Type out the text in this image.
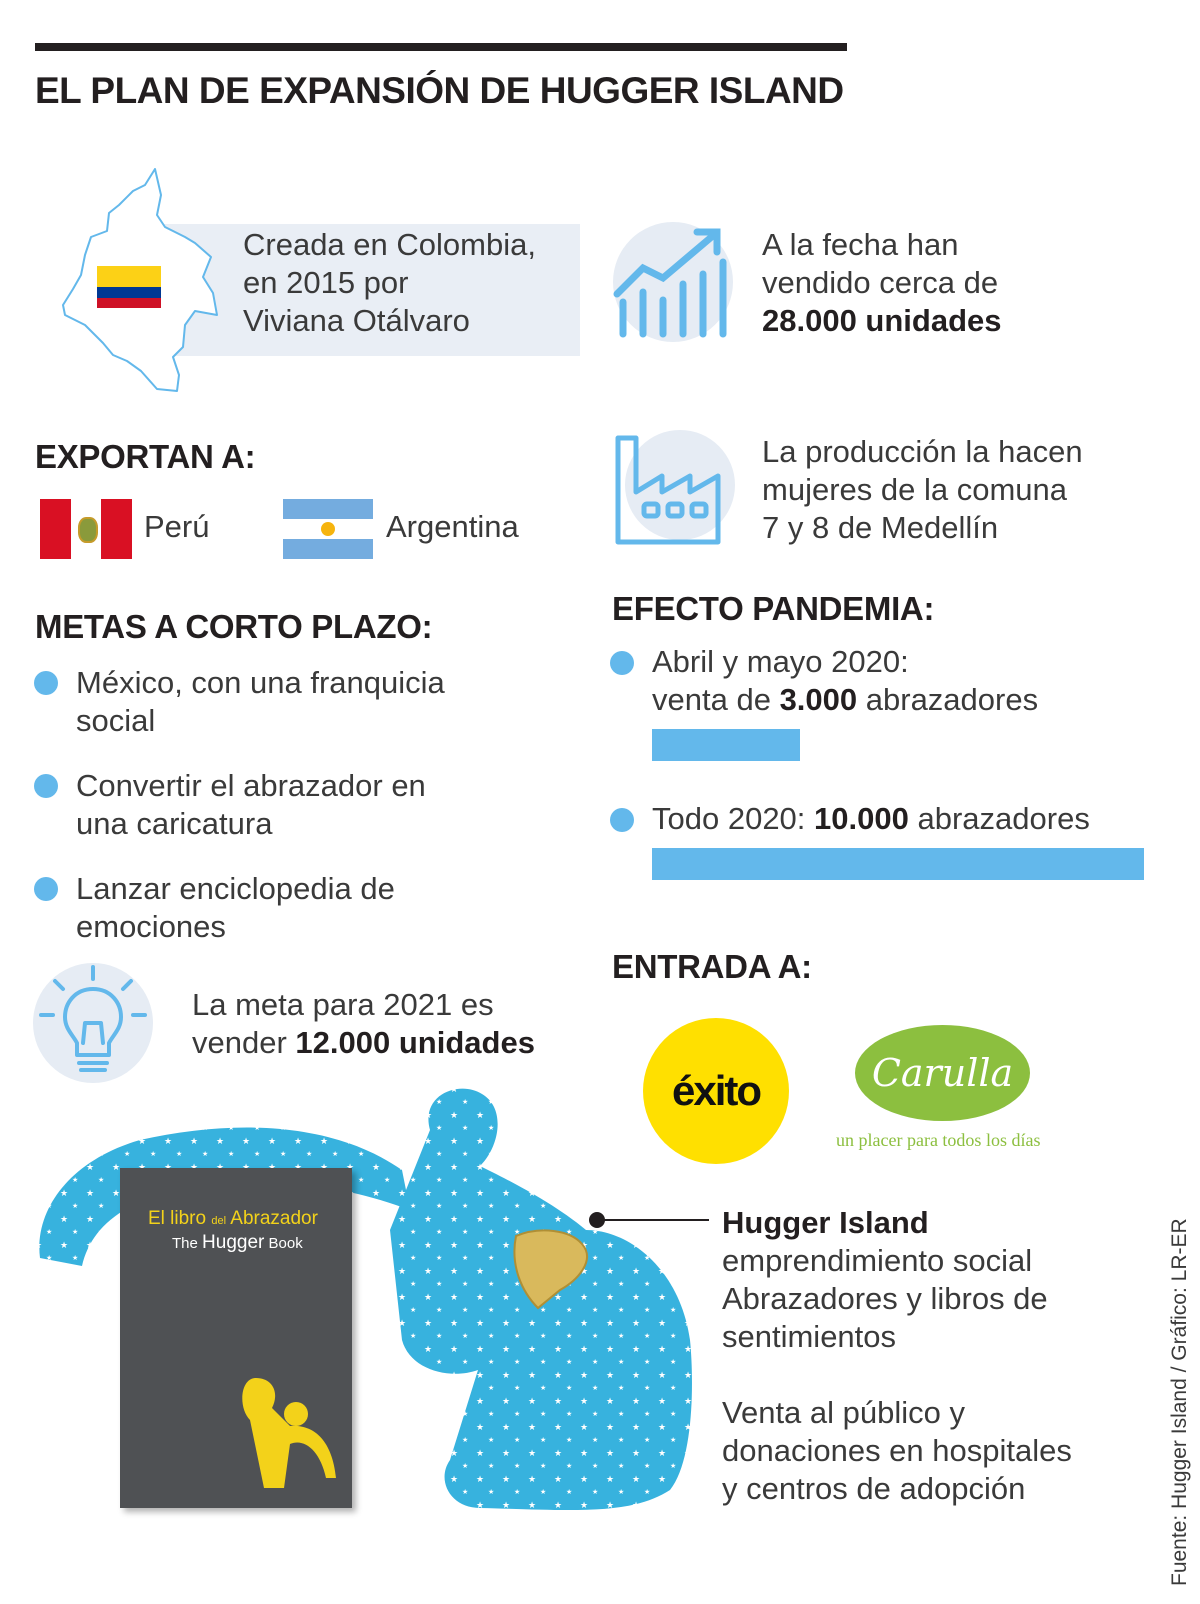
EL PLAN DE EXPANSIÓN DE HUGGER ISLAND
Creada en Colombia,
en 2015 por
Viviana Otálvaro
A la fecha han
vendido cerca de
28.000 unidades
La producción la hacen
mujeres de la comuna
7 y 8 de Medellín
EXPORTAN A:
Perú	Argentina
METAS A CORTO PLAZO:
México, con una franquicia
social
Convertir el abrazador en
una caricatura
Lanzar enciclopedia de
emociones
La meta para 2021 es
vender 12.000 unidades
EFECTO PANDEMIA:
Abril y mayo 2020:
venta de 3.000 abrazadores
Todo 2020: 10.000 abrazadores
ENTRADA A:
éxito	Carulla
un placer para todos los días
El libro del Abrazador
The Hugger Book
Hugger Island
emprendimiento social
Abrazadores y libros de
sentimientos
Venta al público y
donaciones en hospitales
y centros de adopción	Fuente: Hugger Island / Gráfico: LR-ER
